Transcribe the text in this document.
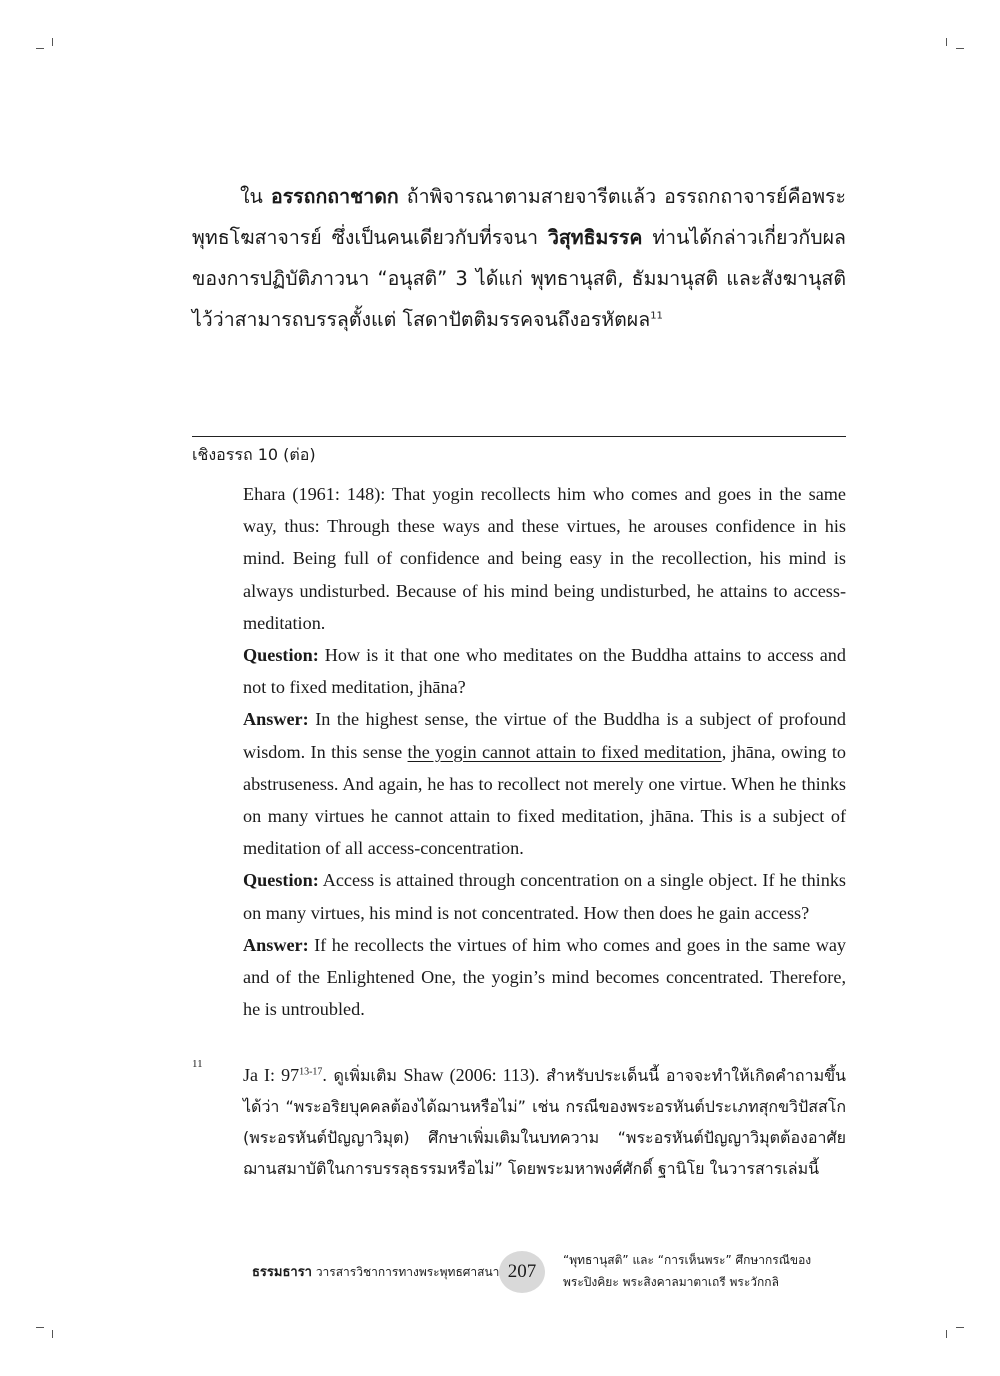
ใน อรรถกถาชาดก ถ้าพิจารณาตามสายจารีตแล้ว อรรถกถาจารย์คือพระพุทธโฆสาจารย์ ซึ่งเป็นคนเดียวกับที่รจนา วิสุทธิมรรค ท่านได้กล่าวเกี่ยวกับผลของการปฏิบัติภาวนา “อนุสติ” 3 ได้แก่ พุทธานุสติ, ธัมมานุสติ และสังฆานุสติไว้ว่าสามารถบรรลุตั้งแต่ โสดาปัตติมรรคจนถึงอรหัตผล$^{11}$

เชิงอรรถ 10 (ต่อ)

Ehara (1961: 148): That yogin recollects him who comes and goes in the same way, thus: Through these ways and these virtues, he arouses confidence in his mind. Being full of confidence and being easy in the recollection, his mind is always undisturbed. Because of his mind being undisturbed, he attains to access-meditation.

Question: How is it that one who meditates on the Buddha attains to access and not to fixed meditation, jhāna?

Answer: In the highest sense, the virtue of the Buddha is a subject of profound wisdom. In this sense the yogin cannot attain to fixed meditation, jhāna, owing to abstruseness. And again, he has to recollect not merely one virtue. When he thinks on many virtues he cannot attain to fixed meditation, jhāna. This is a subject of meditation of all access-concentration.

Question: Access is attained through concentration on a single object. If he thinks on many virtues, his mind is not concentrated. How then does he gain access?

Answer: If he recollects the virtues of him who comes and goes in the same way and of the Enlightened One, the yogin’s mind becomes concentrated. Therefore, he is untroubled.

11

Ja I: 97$^{13-17}$. ดูเพิ่มเติม Shaw (2006: 113). สำหรับประเด็นนี้ อาจจะทำให้เกิดคำถามขึ้นได้ว่า “พระอริยบุคคลต้องได้ฌานหรือไม่” เช่น กรณีของพระอรหันต์ประเภทสุกขวิปัสสโก (พระอรหันต์ปัญญาวิมุต) ศึกษาเพิ่มเติมในบทความ “พระอรหันต์ปัญญาวิมุตต้องอาศัยฌานสมาบัติในการบรรลุธรรมหรือไม่” โดยพระมหาพงศ์ศักดิ์ ฐานิโย ในวารสารเล่มนี้

ธรรมธารา วารสารวิชาการทางพระพุทธศาสนา 207
“พุทธานุสติ” และ “การเห็นพระ” ศึกษากรณีของ
พระปิงคิยะ พระสิงคาลมาตาเถรี พระวักกลิ
